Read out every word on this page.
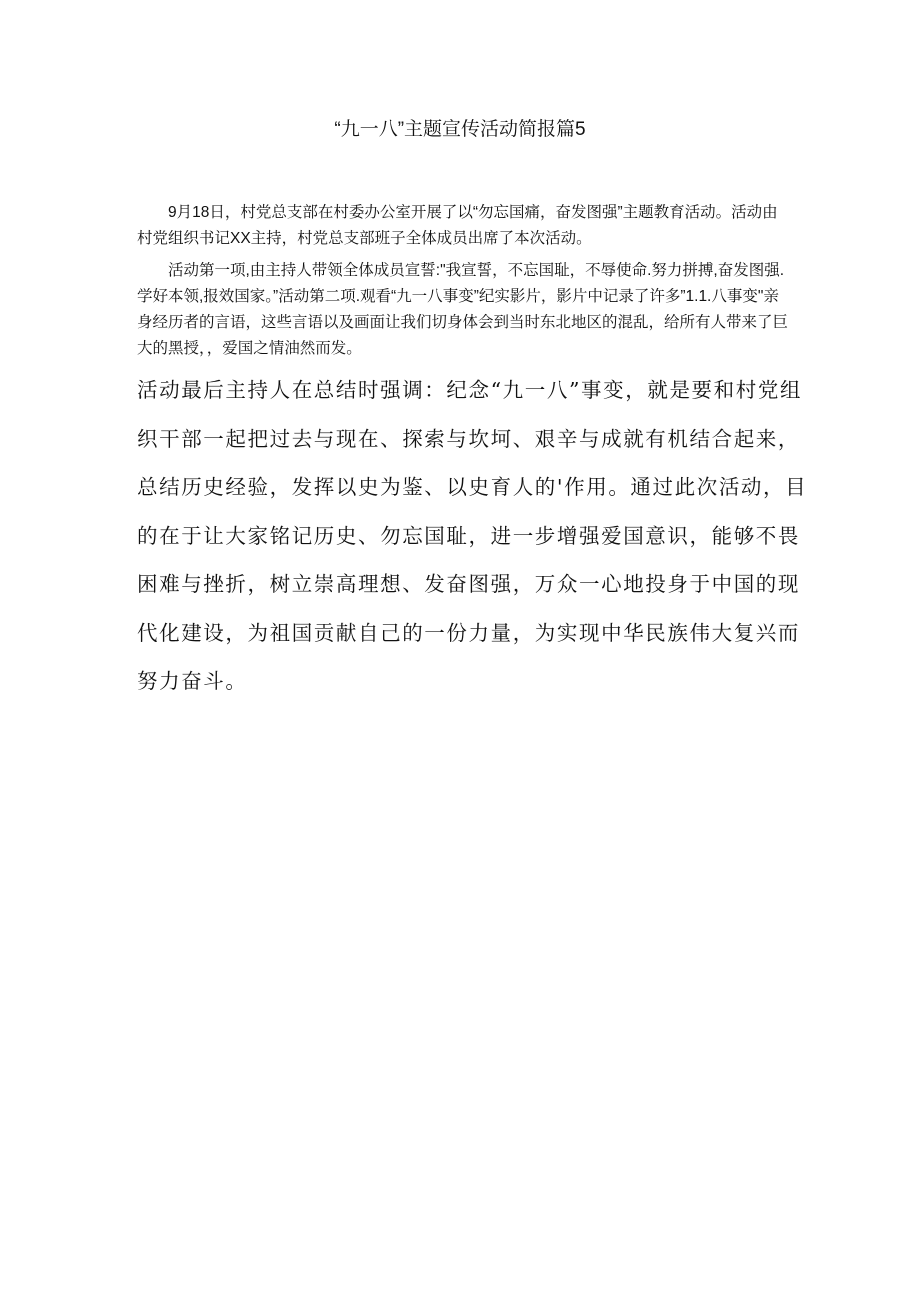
“九一八”主题宣传活动简报篇5

9月18日，村党总支部在村委办公室开展了以“勿忘国痛，奋发图强”主题教育活动。活动由村党组织书记XX主持，村党总支部班子全体成员出席了本次活动。

活动第一项,由主持人带领全体成员宣誓:"我宣誓，不忘国耻，不辱使命.努力拼搏,奋发图强.学好本领,报效国家。”活动第二项.观看“九一八事变”纪实影片，影片中记录了许多”1.1.八事变"亲身经历者的言语，这些言语以及画面让我们切身体会到当时东北地区的混乱，给所有人带来了巨大的黑授，，爱国之情油然而发。

活动最后主持人在总结时强调：纪念“九一八”事变，就是要和村党组织干部一起把过去与现在、探索与坎坷、艰辛与成就有机结合起来，总结历史经验，发挥以史为鉴、以史育人的'作用。通过此次活动，目的在于让大家铭记历史、勿忘国耻，进一步增强爱国意识，能够不畏困难与挫折，树立崇高理想、发奋图强，万众一心地投身于中国的现代化建设，为祖国贡献自己的一份力量，为实现中华民族伟大复兴而努力奋斗。
